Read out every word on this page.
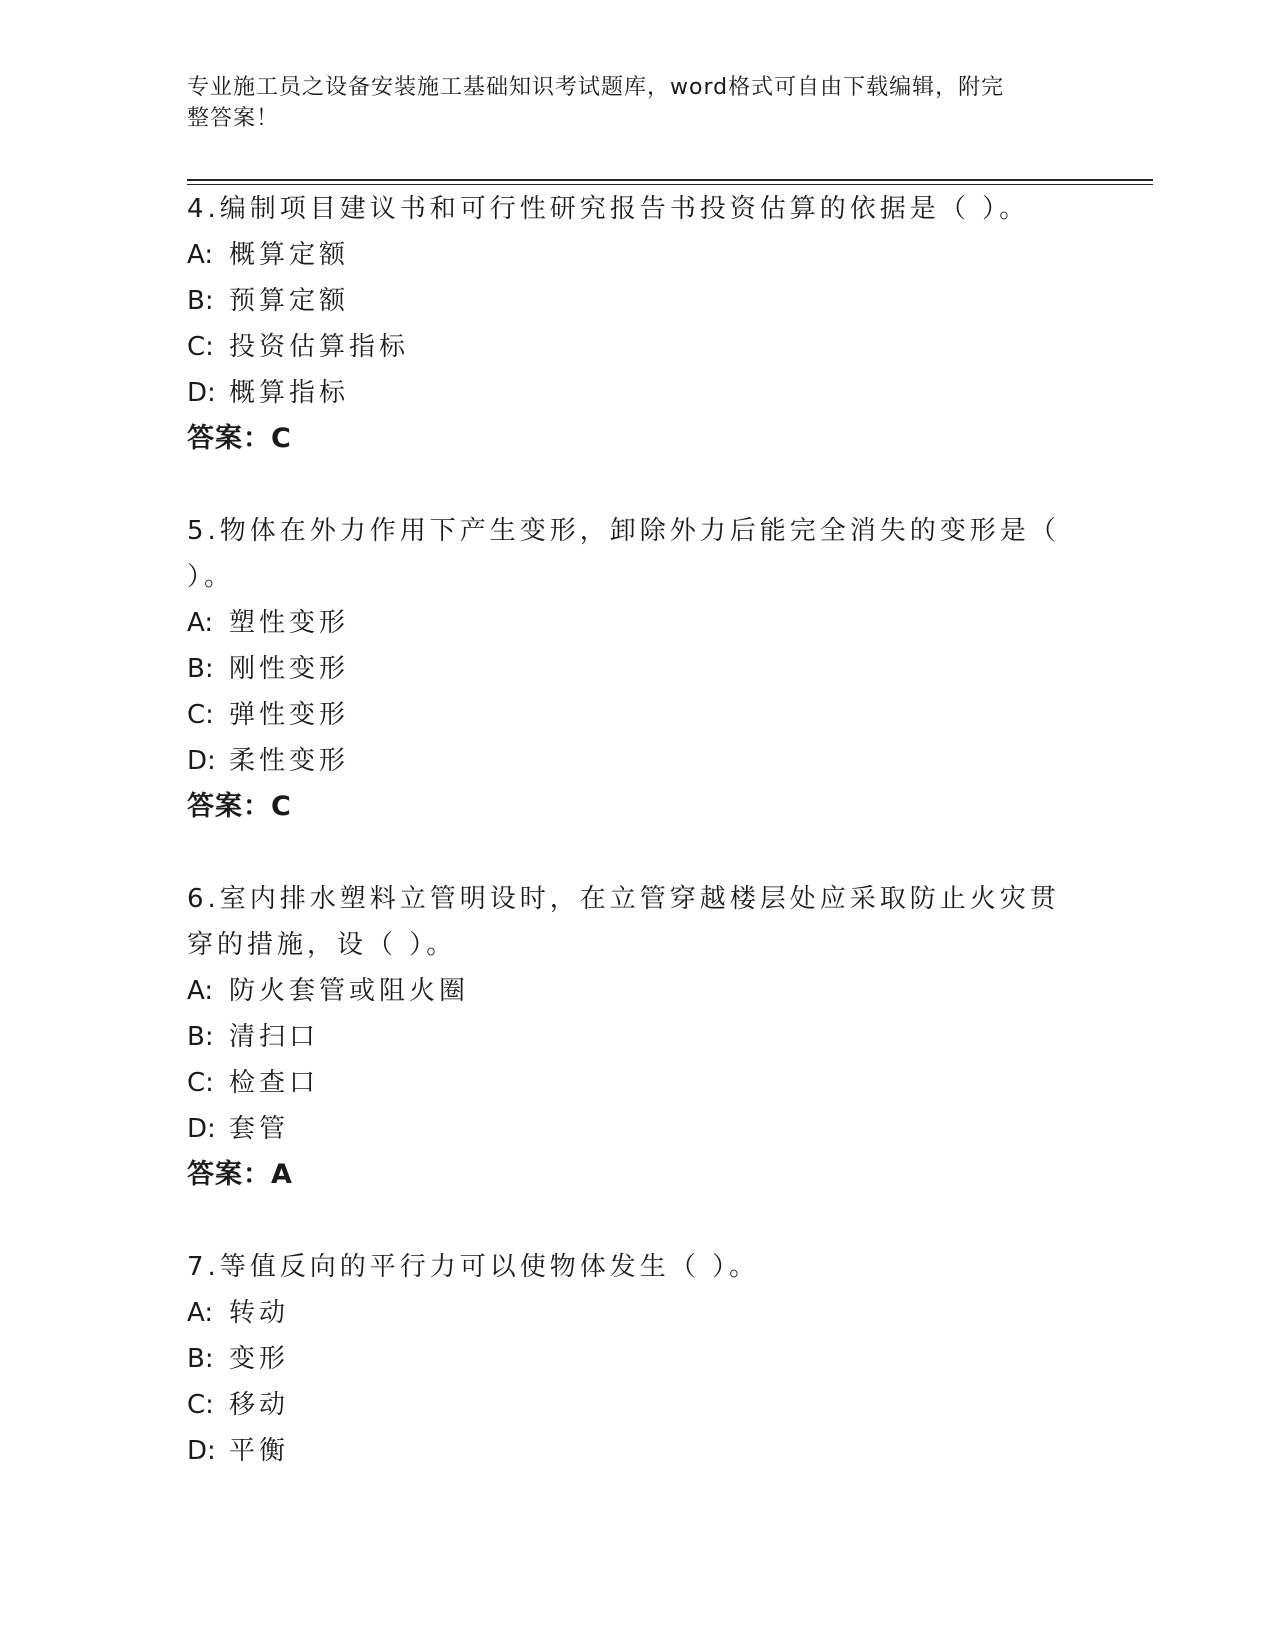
专业施工员之设备安装施工基础知识考试题库，word格式可自由下载编辑，附完
整答案！

4.编制项目建议书和可行性研究报告书投资估算的依据是（ ）。

A: 概算定额

B: 预算定额

C: 投资估算指标

D: 概算指标

答案：C

5.物体在外力作用下产生变形，卸除外力后能完全消失的变形是（ ）。

A: 塑性变形

B: 刚性变形

C: 弹性变形

D: 柔性变形

答案：C

6.室内排水塑料立管明设时，在立管穿越楼层处应采取防止火灾贯穿的措施，设（ ）。

A: 防火套管或阻火圈

B: 清扫口

C: 检查口

D: 套管

答案：A

7.等值反向的平行力可以使物体发生（ ）。

A: 转动

B: 变形

C: 移动

D: 平衡
